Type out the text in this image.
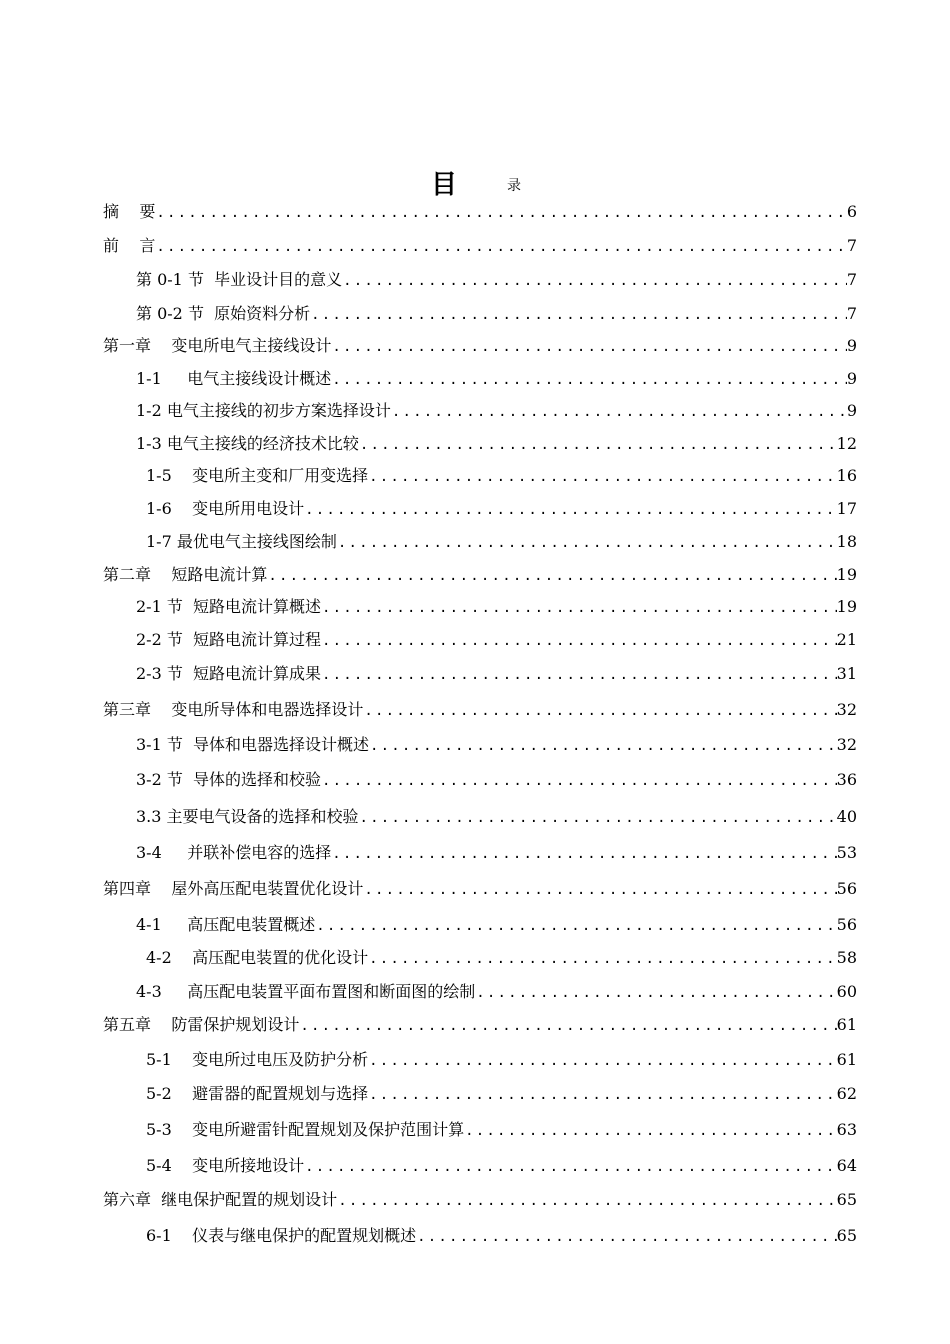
目	录
摘    要 .....	6
前    言 .....	7
第 0-1 节  毕业设计目的意义 .....	7
第 0-2 节  原始资料分析 .....	7
第一章    变电所电气主接线设计 .....	9
1-1     电气主接线设计概述 .....	9
1-2 电气主接线的初步方案选择设计 .....	9
1-3 电气主接线的经济技术比较 .....	12
1-5    变电所主变和厂用变选择 .....	16
1-6    变电所用电设计 .....	17
1-7 最优电气主接线图绘制 .....	18
第二章    短路电流计算 .....	19
2-1 节  短路电流计算概述 .....	19
2-2 节  短路电流计算过程 .....	21
2-3 节  短路电流计算成果 .....	31
第三章    变电所导体和电器选择设计 .....	32
3-1 节  导体和电器选择设计概述 .....	32
3-2 节  导体的选择和校验 .....	36
3.3 主要电气设备的选择和校验 .....	40
3-4     并联补偿电容的选择 .....	53
第四章    屋外高压配电装置优化设计 .....	56
4-1     高压配电装置概述 .....	56
4-2    高压配电装置的优化设计 .....	58
4-3     高压配电装置平面布置图和断面图的绘制 .....	60
第五章    防雷保护规划设计 .....	61
5-1    变电所过电压及防护分析 .....	61
5-2    避雷器的配置规划与选择 .....	62
5-3    变电所避雷针配置规划及保护范围计算 .....	63
5-4    变电所接地设计 .....	64
第六章  继电保护配置的规划设计 .....	65
6-1    仪表与继电保护的配置规划概述 .....	65
